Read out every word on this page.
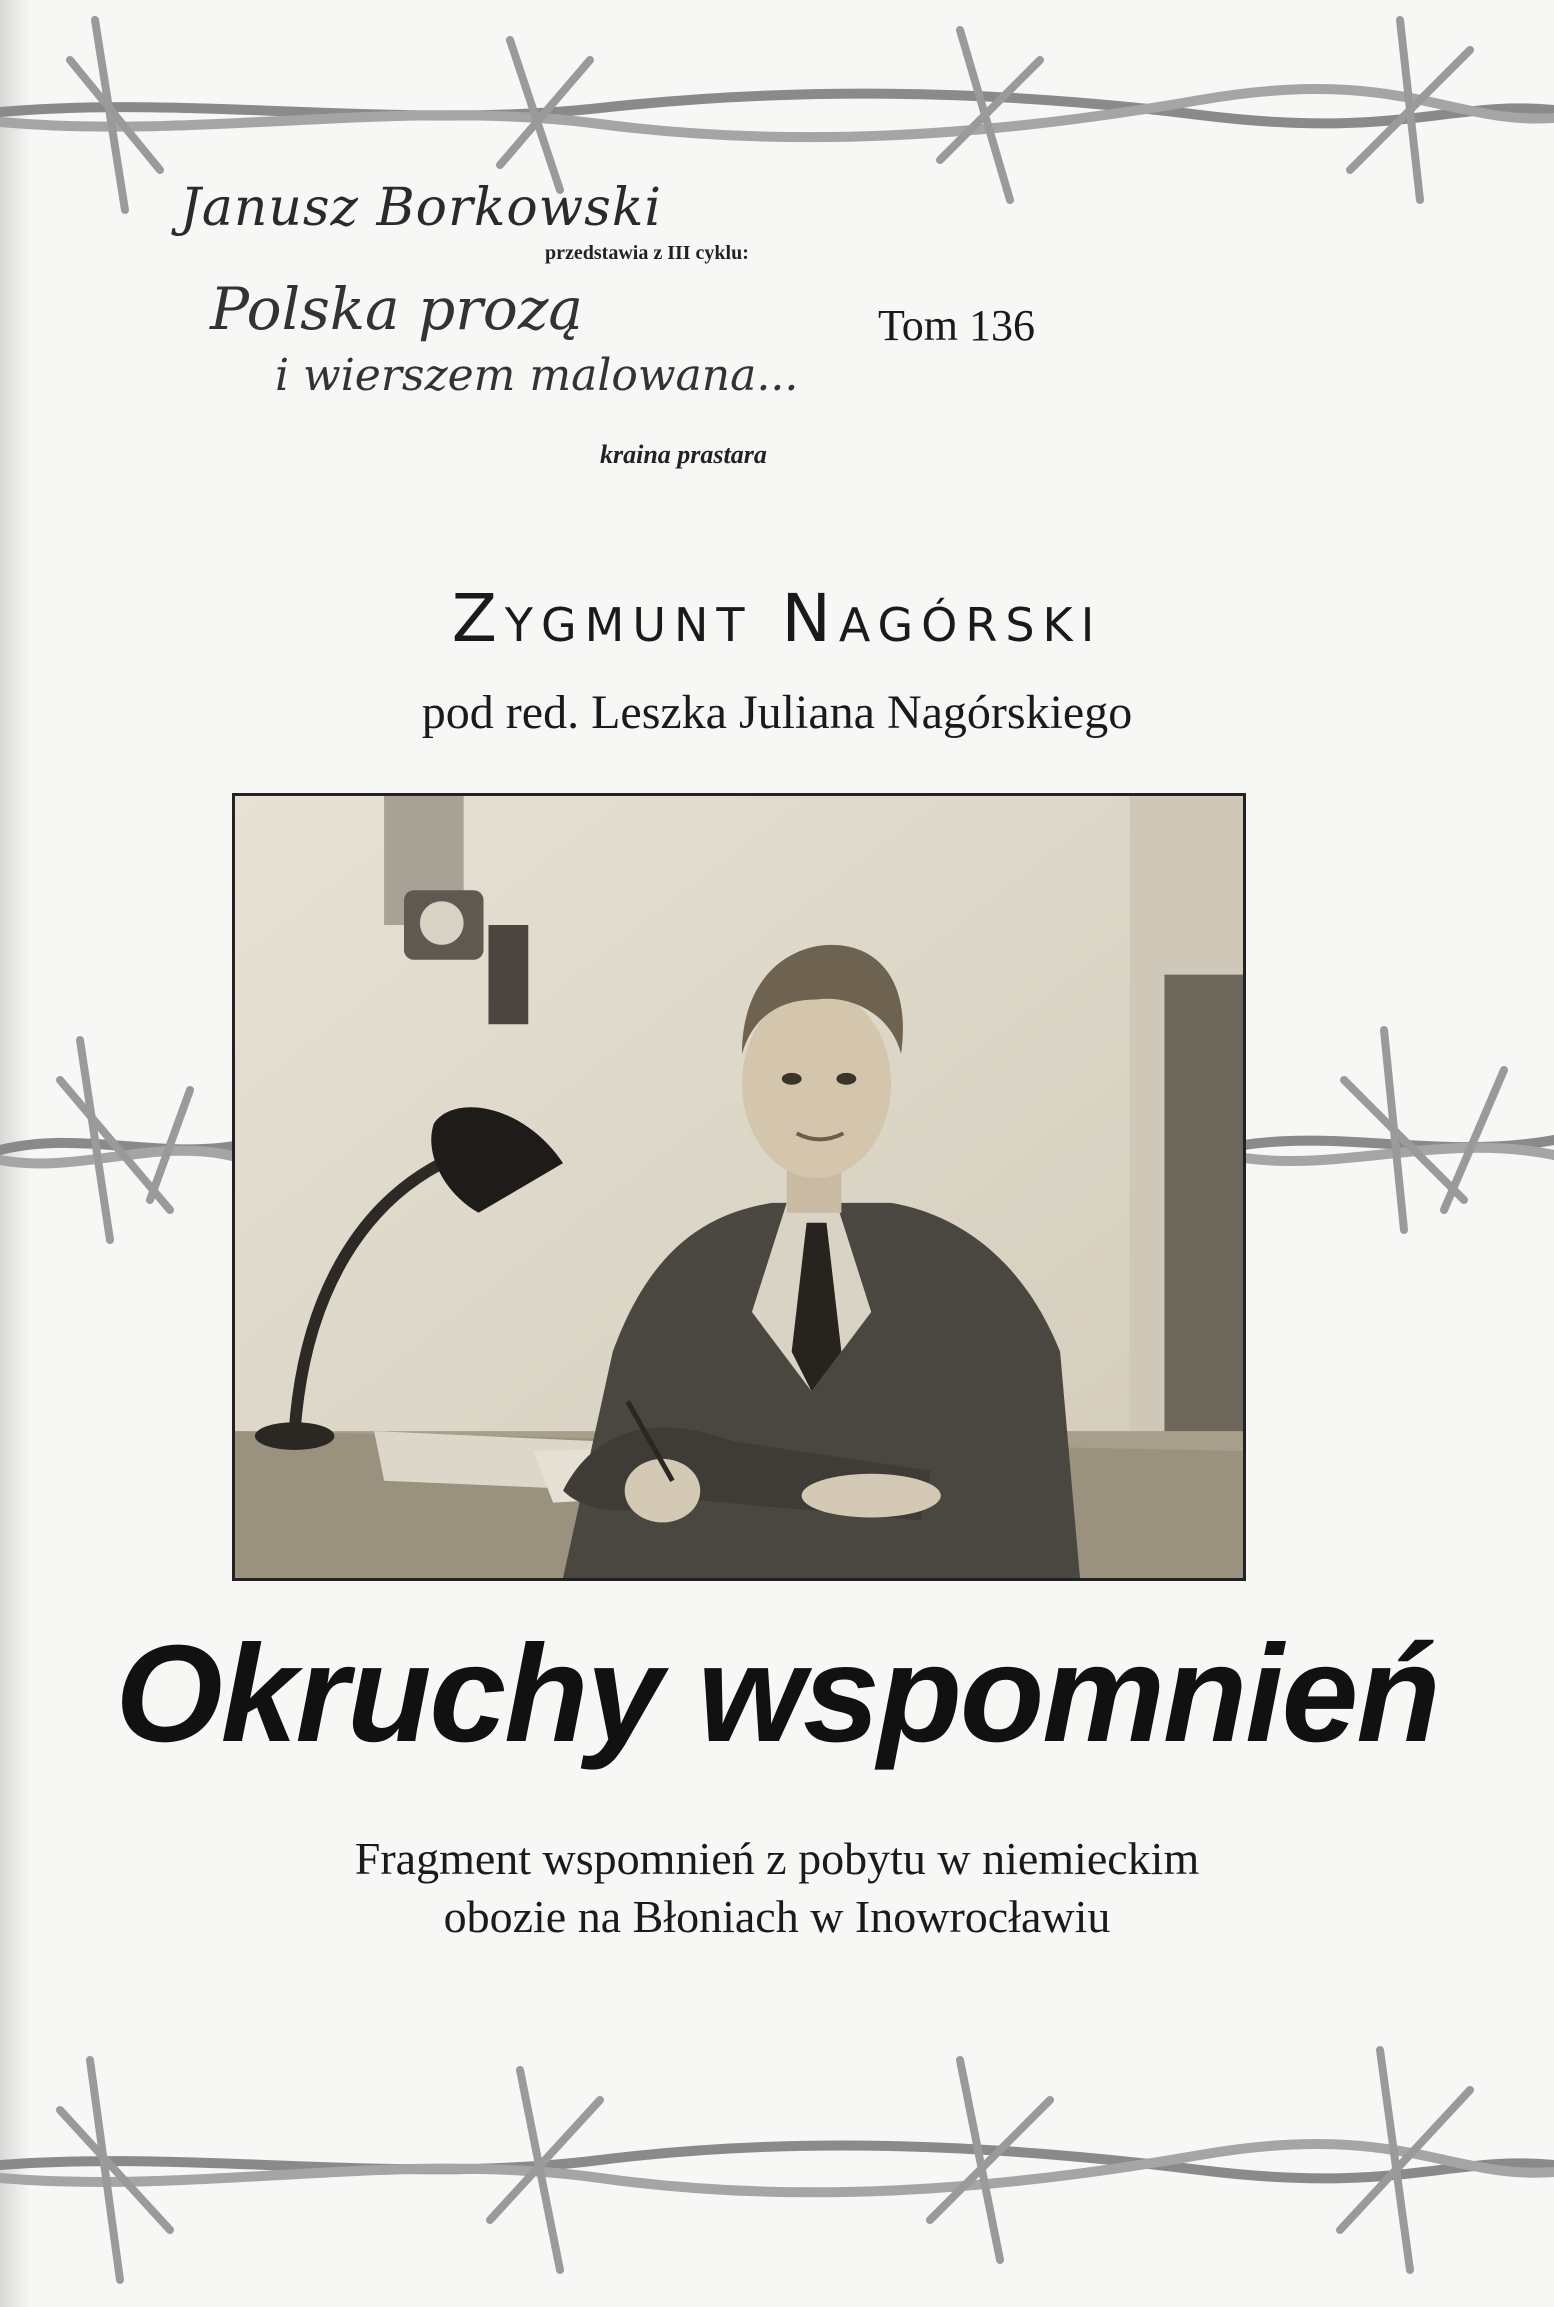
Janusz Borkowski
przedstawia z III cyklu:
Polska prozą
i wierszem malowana...
kraina prastara
Tom 136
Zygmunt Nagórski
pod red. Leszka Juliana Nagórskiego
Okruchy wspomnień
Fragment wspomnień z pobytu w niemieckim
obozie na Błoniach w Inowrocławiu
